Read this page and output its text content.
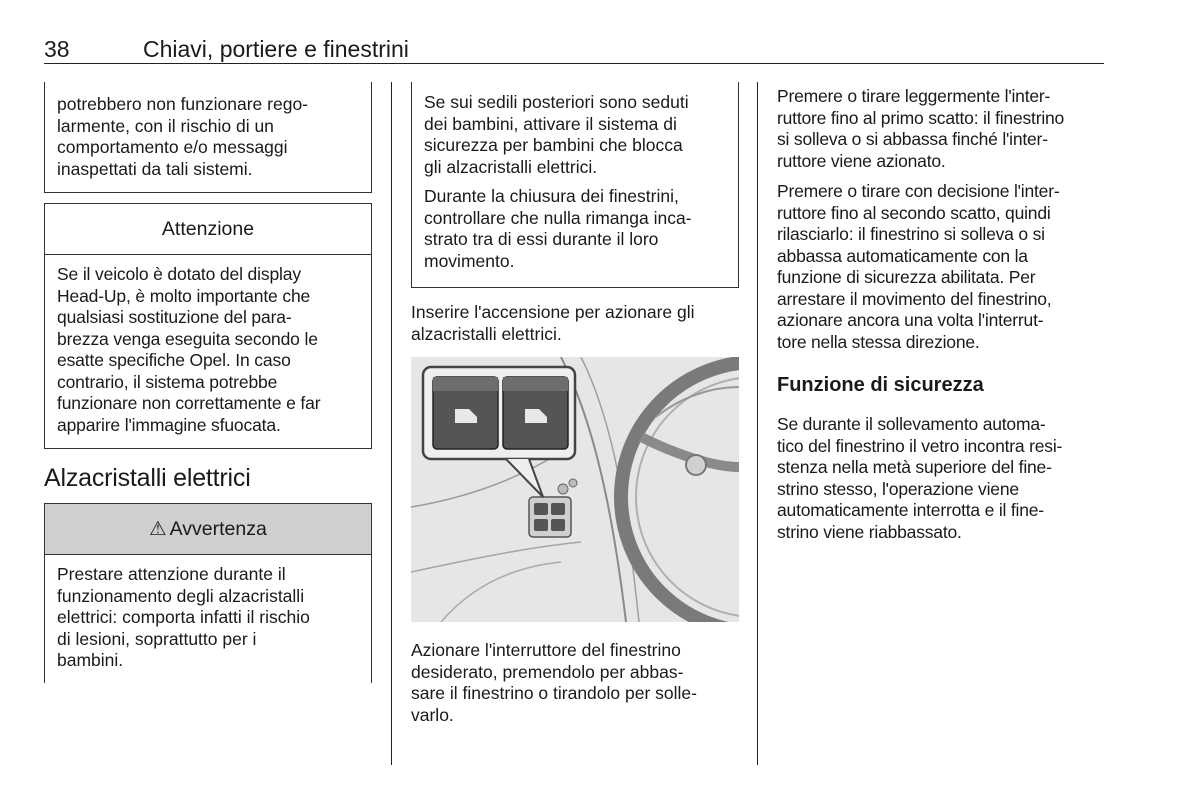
38	Chiavi, portiere e finestrini

potrebbero non funzionare rego-
larmente, con il rischio di un
comportamento e/o messaggi
inaspettati da tali sistemi.

Attenzione

Se il veicolo è dotato del display
Head-Up, è molto importante che
qualsiasi sostituzione del para-
brezza venga eseguita secondo le
esatte specifiche Opel. In caso
contrario, il sistema potrebbe
funzionare non correttamente e far
apparire l'immagine sfuocata.

Alzacristalli elettrici
⚠ Avvertenza

Prestare attenzione durante il
funzionamento degli alzacristalli
elettrici: comporta infatti il rischio
di lesioni, soprattutto per i
bambini.

Se sui sedili posteriori sono seduti
dei bambini, attivare il sistema di
sicurezza per bambini che blocca
gli alzacristalli elettrici.

Durante la chiusura dei finestrini,
controllare che nulla rimanga inca-
strato tra di essi durante il loro
movimento.

Inserire l'accensione per azionare gli
alzacristalli elettrici.

Azionare l'interruttore del finestrino
desiderato, premendolo per abbas-
sare il finestrino o tirandolo per solle-
varlo.

Premere o tirare leggermente l'inter-
ruttore fino al primo scatto: il finestrino
si solleva o si abbassa finché l'inter-
ruttore viene azionato.

Premere o tirare con decisione l'inter-
ruttore fino al secondo scatto, quindi
rilasciarlo: il finestrino si solleva o si
abbassa automaticamente con la
funzione di sicurezza abilitata. Per
arrestare il movimento del finestrino,
azionare ancora una volta l'interrut-
tore nella stessa direzione.

Funzione di sicurezza

Se durante il sollevamento automa-
tico del finestrino il vetro incontra resi-
stenza nella metà superiore del fine-
strino stesso, l'operazione viene
automaticamente interrotta e il fine-
strino viene riabbassato.
